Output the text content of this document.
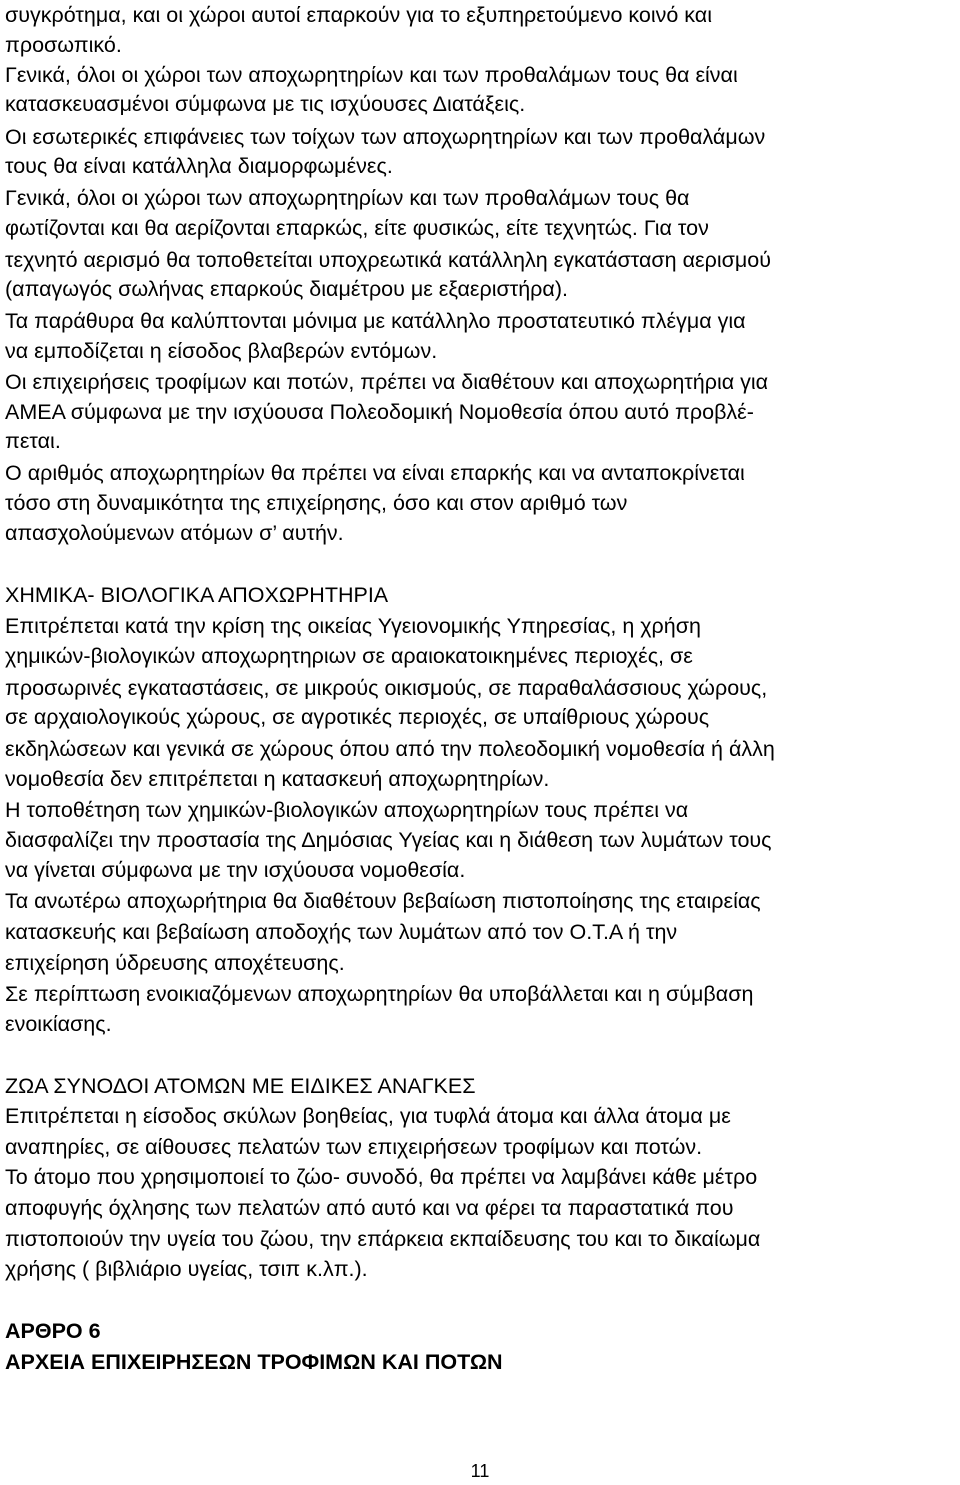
συγκρότημα, και οι χώροι αυτοί επαρκούν για το εξυπηρετούμενο κοινό και

προσωπικό.

Γενικά, όλοι οι χώροι των αποχωρητηρίων και των προθαλάμων τους θα είναι

κατασκευασμένοι σύμφωνα με τις ισχύουσες Διατάξεις.

Οι εσωτερικές επιφάνειες των τοίχων των αποχωρητηρίων και των προθαλάμων

τους θα είναι κατάλληλα διαμορφωμένες.

Γενικά, όλοι οι χώροι των αποχωρητηρίων και των προθαλάμων τους θα

φωτίζονται και θα αερίζονται επαρκώς, είτε φυσικώς, είτε τεχνητώς. Για τον

τεχνητό αερισμό θα τοποθετείται υποχρεωτικά κατάλληλη εγκατάσταση αερισμού

(απαγωγός σωλήνας επαρκούς διαμέτρου με εξαεριστήρα).

Τα παράθυρα θα καλύπτονται μόνιμα με κατάλληλο προστατευτικό πλέγμα για

να εμποδίζεται η είσοδος βλαβερών εντόμων.

Οι επιχειρήσεις τροφίμων και ποτών, πρέπει να διαθέτουν και αποχωρητήρια για

ΑΜΕΑ σύμφωνα με την ισχύουσα Πολεοδομική Νομοθεσία όπου αυτό προβλέ-

πεται.

Ο αριθμός αποχωρητηρίων θα πρέπει να είναι επαρκής και να ανταποκρίνεται

τόσο στη δυναμικότητα της επιχείρησης, όσο και στον αριθμό των

απασχολούμενων ατόμων σ’ αυτήν.

ΧΗΜΙΚΑ- ΒΙΟΛΟΓΙΚΑ ΑΠΟΧΩΡΗΤΗΡΙΑ

Επιτρέπεται κατά την κρίση της οικείας Υγειονομικής Υπηρεσίας, η χρήση

χημικών-βιολογικών αποχωρητηριων σε αραιοκατοικημένες περιοχές, σε

προσωρινές εγκαταστάσεις, σε μικρούς οικισμούς, σε παραθαλάσσιους χώρους,

σε αρχαιολογικούς χώρους, σε αγροτικές περιοχές, σε υπαίθριους χώρους

εκδηλώσεων και γενικά σε χώρους όπου από την πολεοδομική νομοθεσία ή άλλη

νομοθεσία δεν επιτρέπεται η κατασκευή αποχωρητηρίων.

Η τοποθέτηση των χημικών-βιολογικών αποχωρητηρίων τους πρέπει να

διασφαλίζει την προστασία της Δημόσιας Υγείας και η διάθεση των λυμάτων τους

να γίνεται σύμφωνα με την ισχύουσα νομοθεσία.

Τα ανωτέρω αποχωρήτηρια θα διαθέτουν βεβαίωση πιστοποίησης της εταιρείας

κατασκευής και βεβαίωση αποδοχής των λυμάτων από τον Ο.Τ.Α ή την

επιχείρηση ύδρευσης αποχέτευσης.

Σε περίπτωση ενοικιαζόμενων αποχωρητηρίων θα υποβάλλεται και η σύμβαση

ενοικίασης.

ΖΩΑ ΣΥΝΟΔΟΙ ΑΤΟΜΩΝ ΜΕ ΕΙΔΙΚΕΣ ΑΝΑΓΚΕΣ

Επιτρέπεται η είσοδος σκύλων βοηθείας, για τυφλά άτομα και άλλα άτομα με

αναπηρίες, σε αίθουσες πελατών των επιχειρήσεων τροφίμων και ποτών.

Το άτομο που χρησιμοποιεί το ζώο- συνοδό, θα πρέπει να λαμβάνει κάθε μέτρο

αποφυγής όχλησης των πελατών από αυτό και να φέρει τα παραστατικά που

πιστοποιούν την υγεία του ζώου, την επάρκεια εκπαίδευσης του και το δικαίωμα

χρήσης ( βιβλιάριο υγείας, τσιπ κ.λπ.).

ΑΡΘΡΟ 6

ΑΡΧΕΙΑ ΕΠΙΧΕΙΡΗΣΕΩΝ ΤΡΟΦΙΜΩΝ ΚΑΙ ΠΟΤΩΝ

11
